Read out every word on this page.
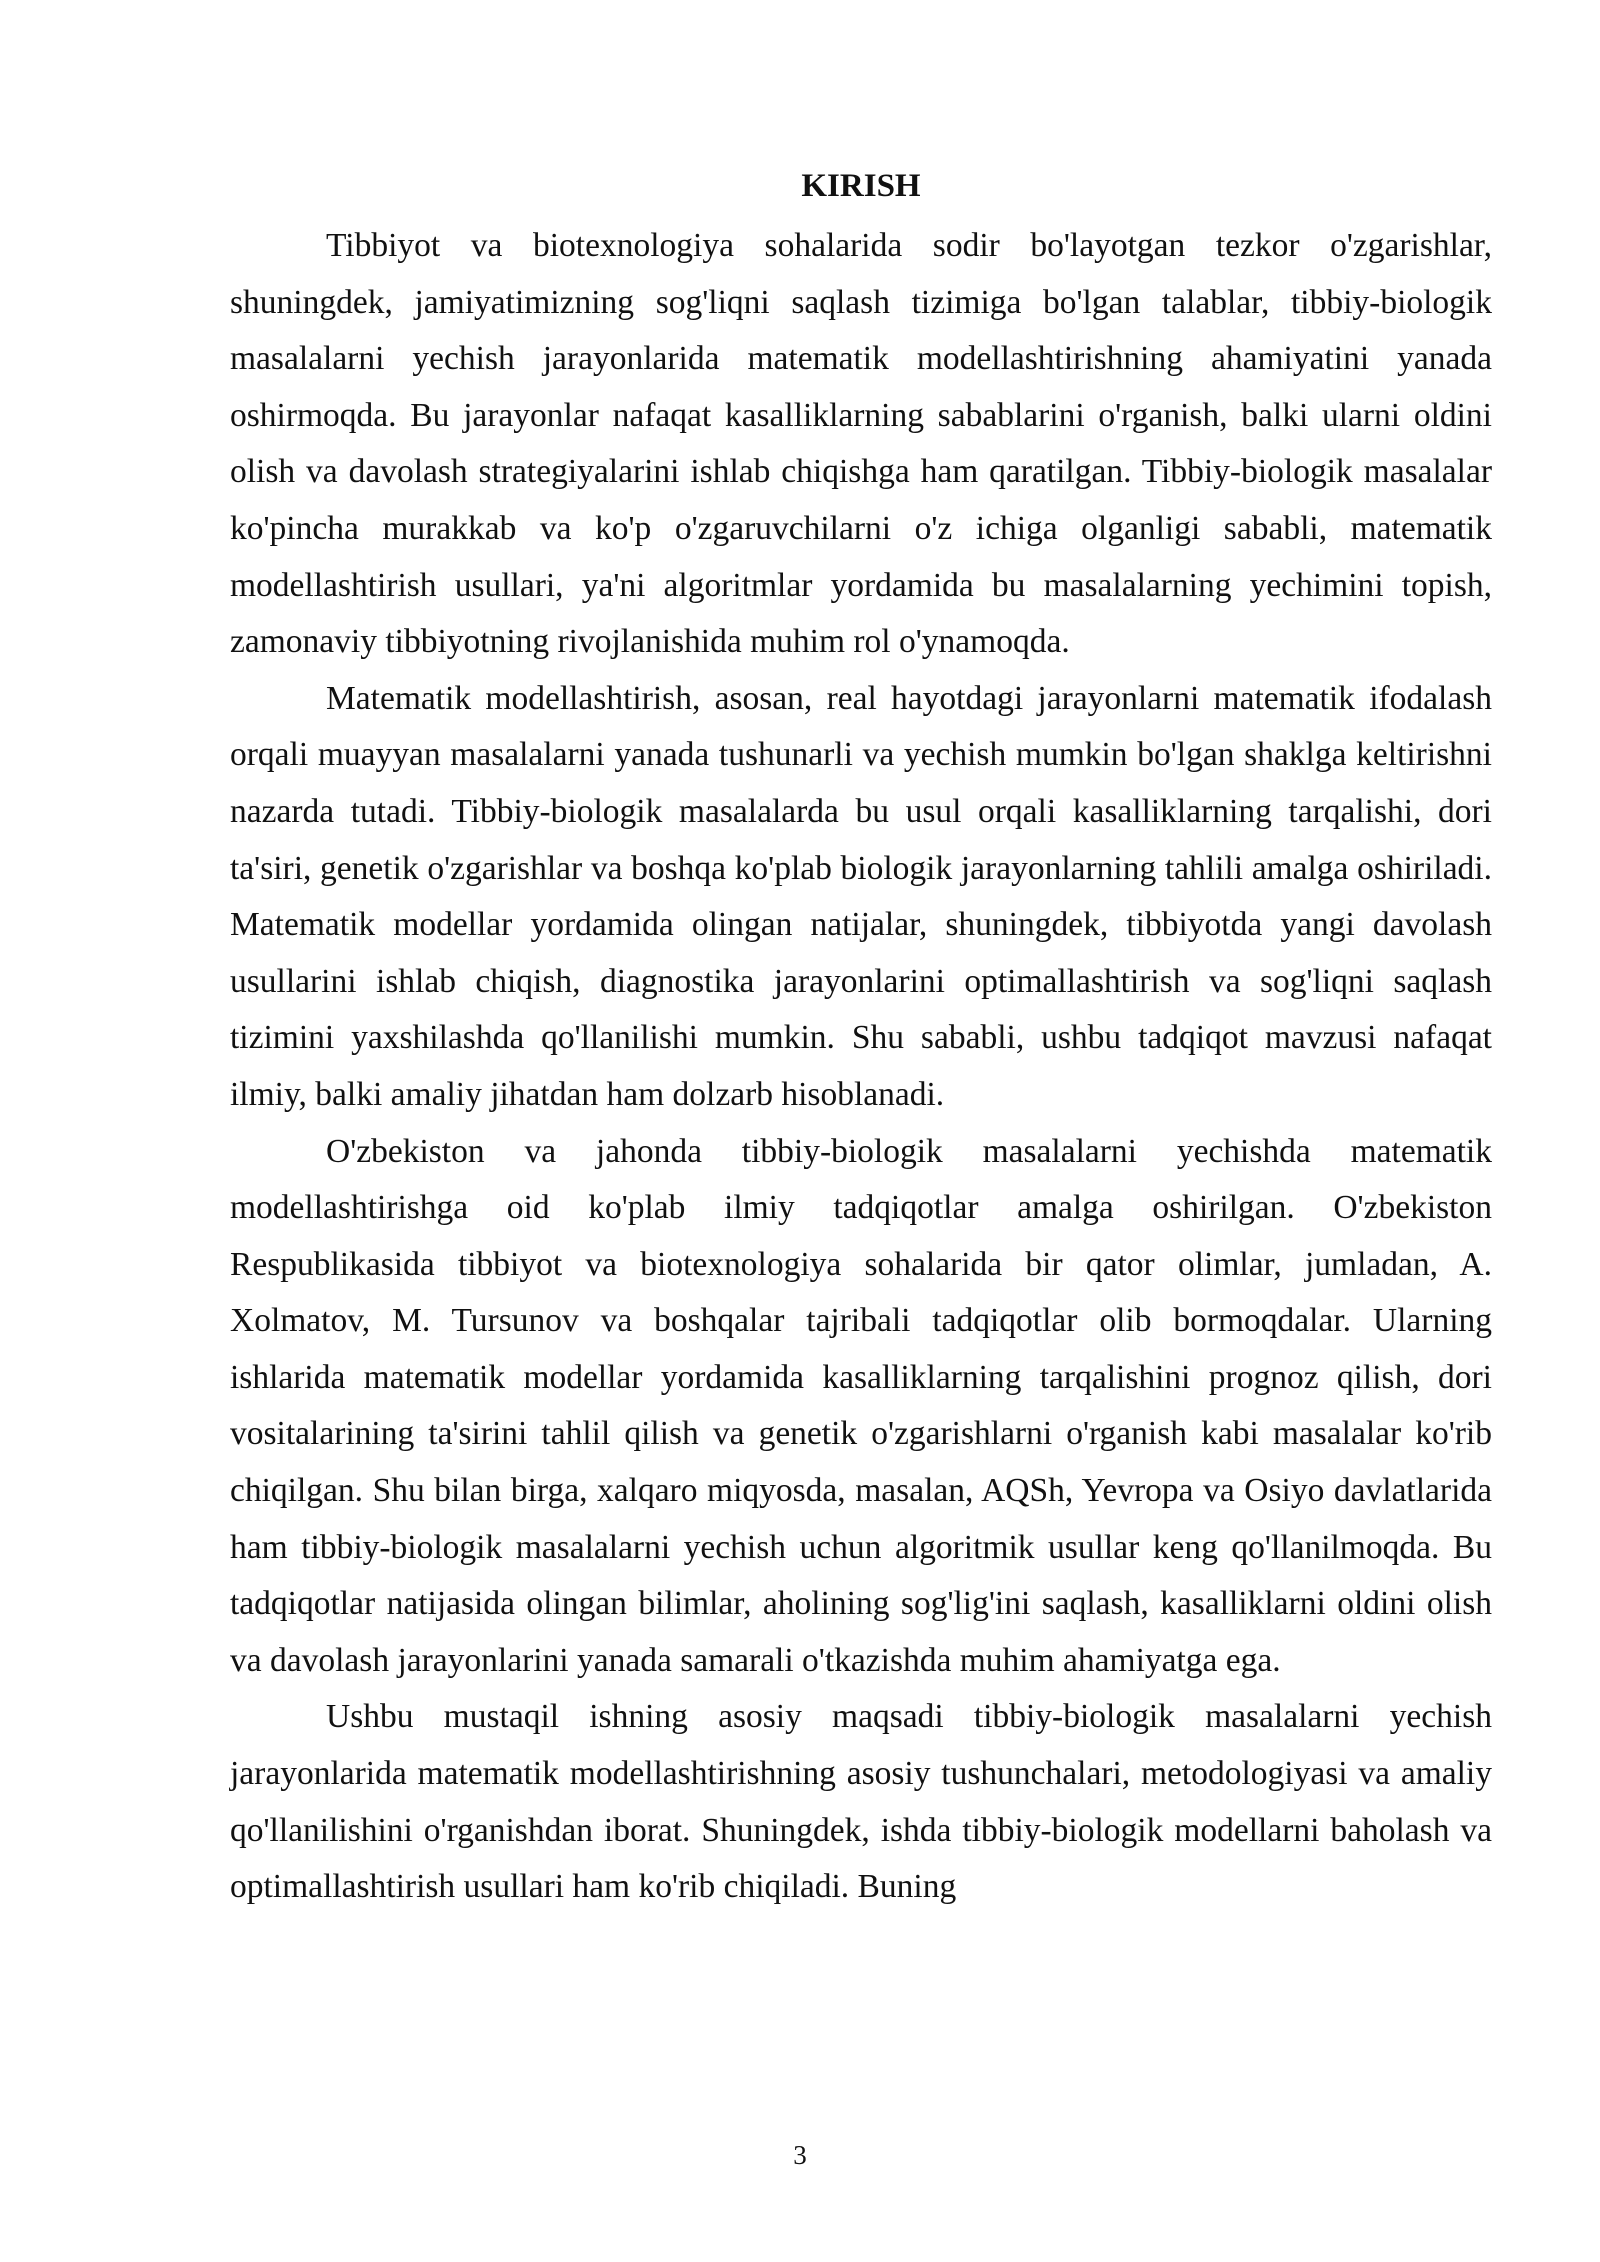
KIRISH

Tibbiyot va biotexnologiya sohalarida sodir bo'layotgan tezkor o'zgarishlar, shuningdek, jamiyatimizning sog'liqni saqlash tizimiga bo'lgan talablar, tibbiy-biologik masalalarni yechish jarayonlarida matematik modellashtirishning ahamiyatini yanada oshirmoqda. Bu jarayonlar nafaqat kasalliklarning sabablarini o'rganish, balki ularni oldini olish va davolash strategiyalarini ishlab chiqishga ham qaratilgan. Tibbiy-biologik masalalar ko'pincha murakkab va ko'p o'zgaruvchilarni o'z ichiga olganligi sababli, matematik modellashtirish usullari, ya'ni algoritmlar yordamida bu masalalarning yechimini topish, zamonaviy tibbiyotning rivojlanishida muhim rol o'ynamoqda.

Matematik modellashtirish, asosan, real hayotdagi jarayonlarni matematik ifodalash orqali muayyan masalalarni yanada tushunarli va yechish mumkin bo'lgan shaklga keltirishni nazarda tutadi. Tibbiy-biologik masalalarda bu usul orqali kasalliklarning tarqalishi, dori ta'siri, genetik o'zgarishlar va boshqa ko'plab biologik jarayonlarning tahlili amalga oshiriladi. Matematik modellar yordamida olingan natijalar, shuningdek, tibbiyotda yangi davolash usullarini ishlab chiqish, diagnostika jarayonlarini optimallashtirish va sog'liqni saqlash tizimini yaxshilashda qo'llanilishi mumkin. Shu sababli, ushbu tadqiqot mavzusi nafaqat ilmiy, balki amaliy jihatdan ham dolzarb hisoblanadi.

O'zbekiston va jahonda tibbiy-biologik masalalarni yechishda matematik modellashtirishga oid ko'plab ilmiy tadqiqotlar amalga oshirilgan. O'zbekiston Respublikasida tibbiyot va biotexnologiya sohalarida bir qator olimlar, jumladan, A. Xolmatov, M. Tursunov va boshqalar tajribali tadqiqotlar olib bormoqdalar. Ularning ishlarida matematik modellar yordamida kasalliklarning tarqalishini prognoz qilish, dori vositalarining ta'sirini tahlil qilish va genetik o'zgarishlarni o'rganish kabi masalalar ko'rib chiqilgan. Shu bilan birga, xalqaro miqyosda, masalan, AQSh, Yevropa va Osiyo davlatlarida ham tibbiy-biologik masalalarni yechish uchun algoritmik usullar keng qo'llanilmoqda. Bu tadqiqotlar natijasida olingan bilimlar, aholining sog'lig'ini saqlash, kasalliklarni oldini olish va davolash jarayonlarini yanada samarali o'tkazishda muhim ahamiyatga ega.

Ushbu mustaqil ishning asosiy maqsadi tibbiy-biologik masalalarni yechish jarayonlarida matematik modellashtirishning asosiy tushunchalari, metodologiyasi va amaliy qo'llanilishini o'rganishdan iborat. Shuningdek, ishda tibbiy-biologik modellarni baholash va optimallashtirish usullari ham ko'rib chiqiladi. Buning

3
